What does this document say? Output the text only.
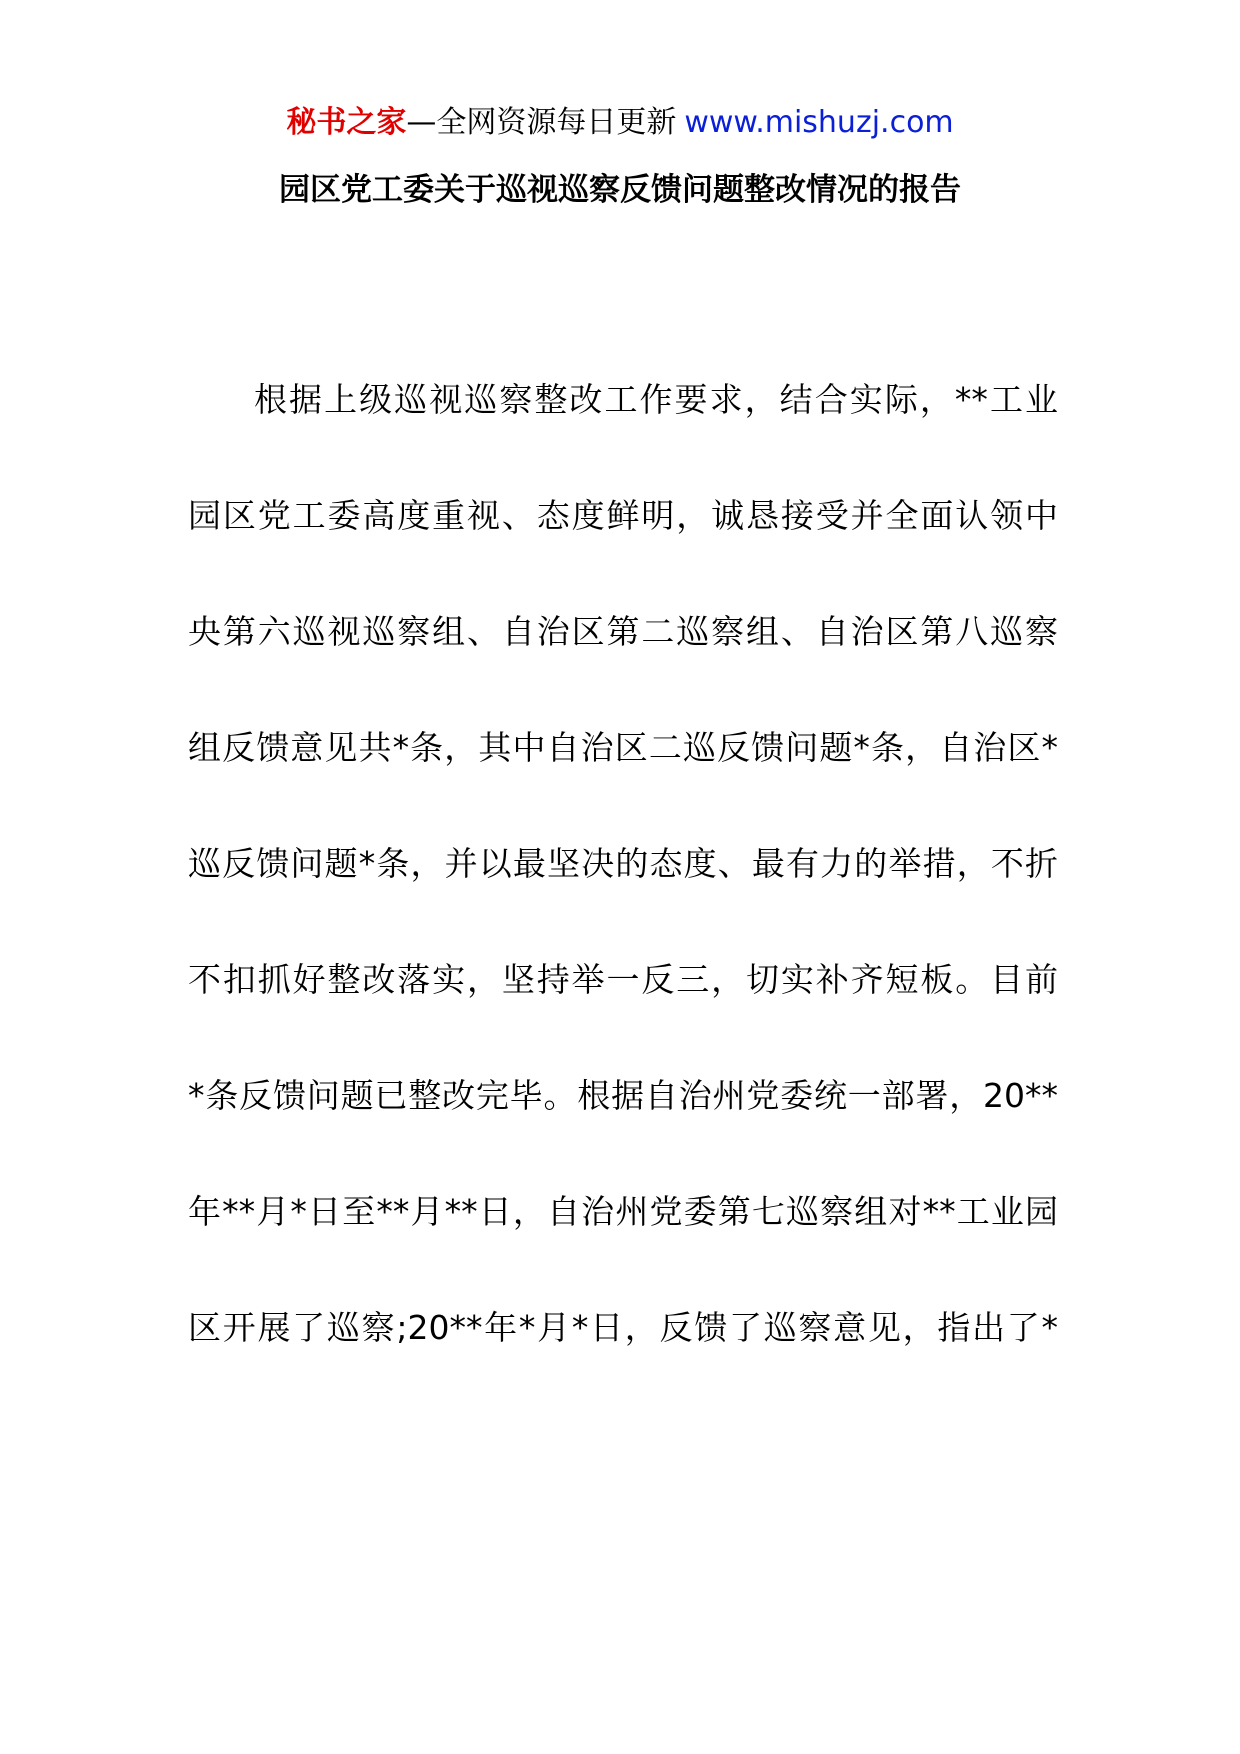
秘书之家—全网资源每日更新 www.mishuzj.com
园区党工委关于巡视巡察反馈问题整改情况的报告
根据上级巡视巡察整改工作要求，结合实际，**工业
园区党工委高度重视、态度鲜明，诚恳接受并全面认领中
央第六巡视巡察组、自治区第二巡察组、自治区第八巡察
组反馈意见共*条，其中自治区二巡反馈问题*条，自治区*
巡反馈问题*条，并以最坚决的态度、最有力的举措，不折
不扣抓好整改落实，坚持举一反三，切实补齐短板。目前
*条反馈问题已整改完毕。根据自治州党委统一部署，20**
年**月*日至**月**日，自治州党委第七巡察组对**工业园
区开展了巡察;20**年*月*日，反馈了巡察意见，指出了*
